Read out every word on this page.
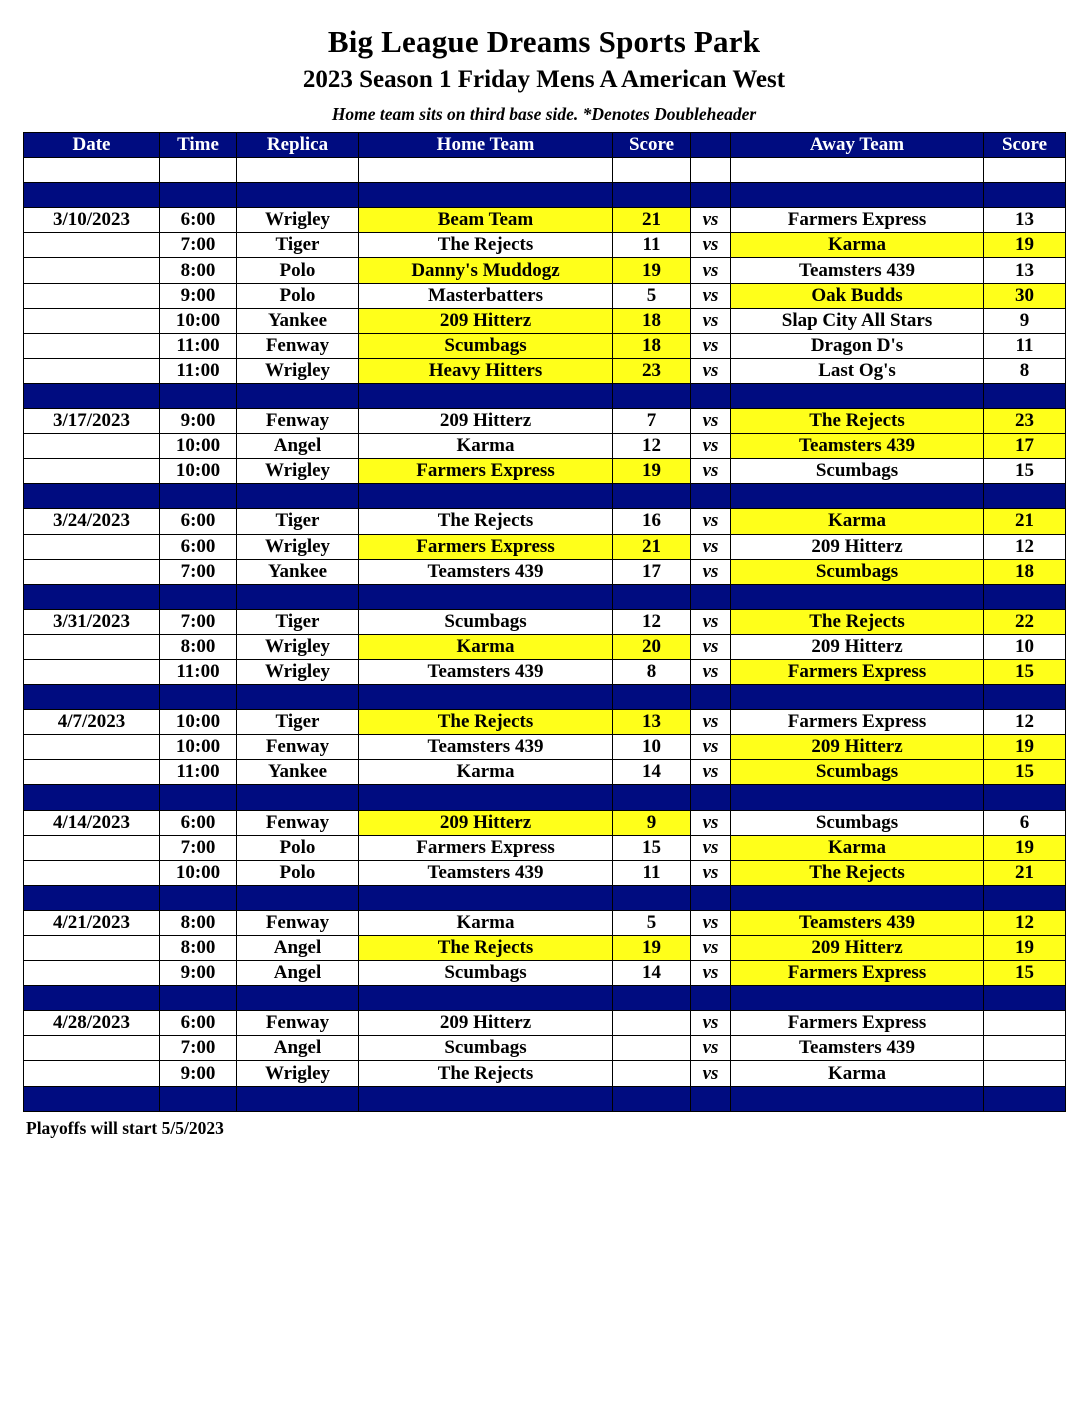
Big League Dreams Sports Park
2023 Season 1 Friday Mens A American West
Home team sits on third base side. *Denotes Doubleheader
Date	Time	Replica	Home Team	Score		Away Team	Score

3/10/2023	6:00	Wrigley	Beam Team	21	vs	Farmers Express	13
	7:00	Tiger	The Rejects	11	vs	Karma	19
	8:00	Polo	Danny's Muddogz	19	vs	Teamsters 439	13
	9:00	Polo	Masterbatters	5	vs	Oak Budds	30
	10:00	Yankee	209 Hitterz	18	vs	Slap City All Stars	9
	11:00	Fenway	Scumbags	18	vs	Dragon D's	11
	11:00	Wrigley	Heavy Hitters	23	vs	Last Og's	8

3/17/2023	9:00	Fenway	209 Hitterz	7	vs	The Rejects	23
	10:00	Angel	Karma	12	vs	Teamsters 439	17
	10:00	Wrigley	Farmers Express	19	vs	Scumbags	15

3/24/2023	6:00	Tiger	The Rejects	16	vs	Karma	21
	6:00	Wrigley	Farmers Express	21	vs	209 Hitterz	12
	7:00	Yankee	Teamsters 439	17	vs	Scumbags	18

3/31/2023	7:00	Tiger	Scumbags	12	vs	The Rejects	22
	8:00	Wrigley	Karma	20	vs	209 Hitterz	10
	11:00	Wrigley	Teamsters 439	8	vs	Farmers Express	15

4/7/2023	10:00	Tiger	The Rejects	13	vs	Farmers Express	12
	10:00	Fenway	Teamsters 439	10	vs	209 Hitterz	19
	11:00	Yankee	Karma	14	vs	Scumbags	15

4/14/2023	6:00	Fenway	209 Hitterz	9	vs	Scumbags	6
	7:00	Polo	Farmers Express	15	vs	Karma	19
	10:00	Polo	Teamsters 439	11	vs	The Rejects	21

4/21/2023	8:00	Fenway	Karma	5	vs	Teamsters 439	12
	8:00	Angel	The Rejects	19	vs	209 Hitterz	19
	9:00	Angel	Scumbags	14	vs	Farmers Express	15

4/28/2023	6:00	Fenway	209 Hitterz		vs	Farmers Express	
	7:00	Angel	Scumbags		vs	Teamsters 439	
	9:00	Wrigley	The Rejects		vs	Karma	

Playoffs will start 5/5/2023
